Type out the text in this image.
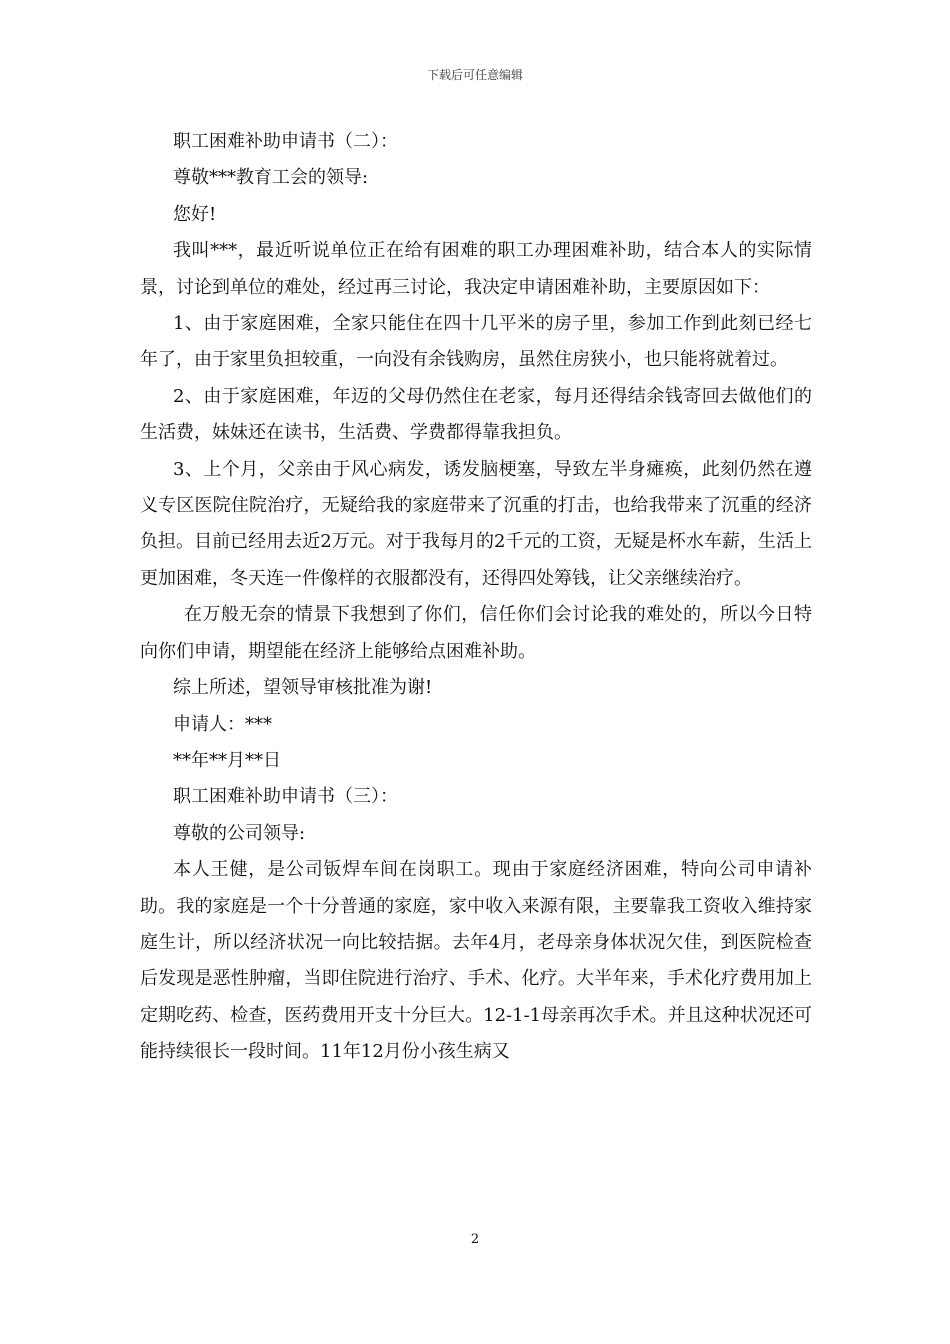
下载后可任意编辑

职工困难补助申请书（二）：

尊敬***教育工会的领导:

您好!

我叫***，最近听说单位正在给有困难的职工办理困难补助，结合本人的实际情景，讨论到单位的难处，经过再三讨论，我决定申请困难补助，主要原因如下：

1、由于家庭困难，全家只能住在四十几平米的房子里，参加工作到此刻已经七年了，由于家里负担较重，一向没有余钱购房，虽然住房狭小，也只能将就着过。

2、由于家庭困难，年迈的父母仍然住在老家，每月还得结余钱寄回去做他们的生活费，妹妹还在读书，生活费、学费都得靠我担负。

3、上个月，父亲由于风心病发，诱发脑梗塞，导致左半身瘫痪，此刻仍然在遵义专区医院住院治疗，无疑给我的家庭带来了沉重的打击，也给我带来了沉重的经济负担。目前已经用去近2万元。对于我每月的2千元的工资，无疑是杯水车薪，生活上更加困难，冬天连一件像样的衣服都没有，还得四处筹钱，让父亲继续治疗。

在万般无奈的情景下我想到了你们，信任你们会讨论我的难处的，所以今日特向你们申请，期望能在经济上能够给点困难补助。

综上所述，望领导审核批准为谢!

申请人：***

**年**月**日

职工困难补助申请书（三）：

尊敬的公司领导:

本人王健，是公司钣焊车间在岗职工。现由于家庭经济困难，特向公司申请补助。我的家庭是一个十分普通的家庭，家中收入来源有限，主要靠我工资收入维持家庭生计，所以经济状况一向比较拮据。去年4月，老母亲身体状况欠佳，到医院检查后发现是恶性肿瘤，当即住院进行治疗、手术、化疗。大半年来，手术化疗费用加上定期吃药、检查，医药费用开支十分巨大。12-1-1母亲再次手术。并且这种状况还可能持续很长一段时间。11年12月份小孩生病又

2
